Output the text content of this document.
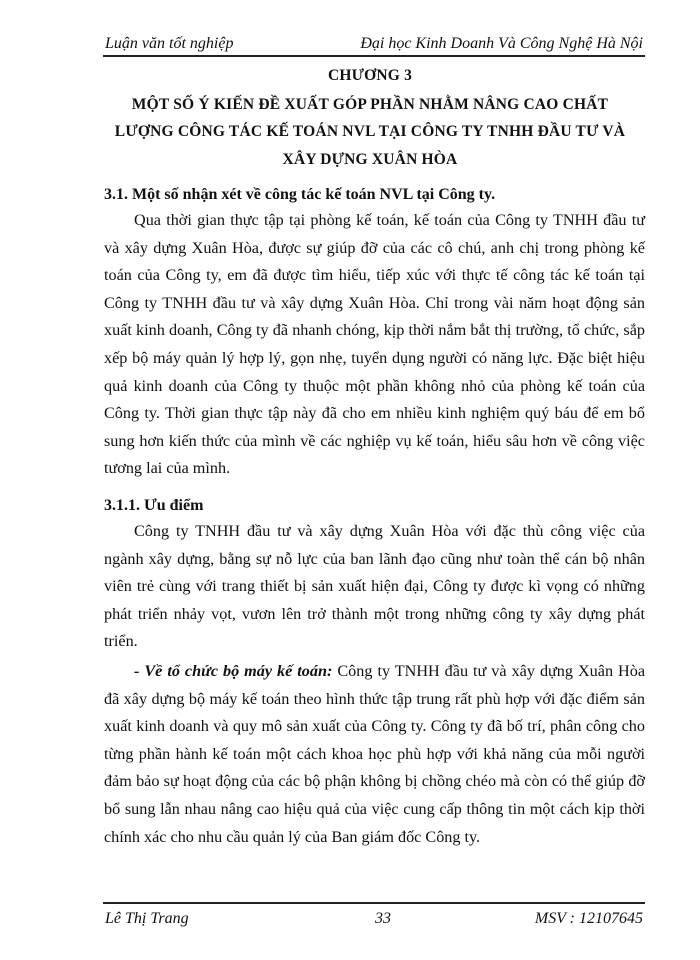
Luận văn tốt nghiệp	Đại học Kinh Doanh Và Công Nghệ Hà Nội
CHƯƠNG 3
MỘT SỐ Ý KIẾN ĐỀ XUẤT GÓP PHẦN NHẰM NÂNG CAO CHẤT
LƯỢNG CÔNG TÁC KẾ TOÁN NVL TẠI CÔNG TY TNHH ĐẦU TƯ VÀ
XÂY DỰNG XUÂN HÒA
3.1. Một số nhận xét về công tác kế toán NVL tại Công ty.

Qua thời gian thực tập tại phòng kế toán, kế toán của Công ty TNHH đầu tư và xây dựng Xuân Hòa, được sự giúp đỡ của các cô chú, anh chị trong phòng kế toán của Công ty, em đã được tìm hiểu, tiếp xúc với thực tế công tác kế toán tại Công ty TNHH đầu tư và xây dựng Xuân Hòa. Chỉ trong vài năm hoạt động sản xuất kinh doanh, Công ty đã nhanh chóng, kịp thời nắm bắt thị trường, tổ chức, sắp xếp bộ máy quản lý hợp lý, gọn nhẹ, tuyển dụng người có năng lực. Đặc biệt hiệu quả kinh doanh của Công ty thuộc một phần không nhỏ của phòng kế toán của Công ty. Thời gian thực tập này đã cho em nhiều kinh nghiệm quý báu để em bổ sung hơn kiến thức của mình về các nghiệp vụ kế toán, hiểu sâu hơn về công việc tương lai của mình.

3.1.1. Ưu điểm

Công ty TNHH đầu tư và xây dựng Xuân Hòa với đặc thù công việc của ngành xây dựng, bằng sự nỗ lực của ban lãnh đạo cũng như toàn thể cán bộ nhân viên trẻ cùng với trang thiết bị sản xuất hiện đại, Công ty được kì vọng có những phát triển nhảy vọt, vươn lên trở thành một trong những công ty xây dựng phát triển.

- Về tổ chức bộ máy kế toán: Công ty TNHH đầu tư và xây dựng Xuân Hòa đã xây dựng bộ máy kế toán theo hình thức tập trung rất phù hợp với đặc điểm sản xuất kinh doanh và quy mô sản xuất của Công ty. Công ty đã bố trí, phân công cho từng phần hành kế toán một cách khoa học phù hợp với khả năng của mỗi người đảm bảo sự hoạt động của các bộ phận không bị chồng chéo mà còn có thể giúp đỡ bổ sung lẫn nhau nâng cao hiệu quả của việc cung cấp thông tin một cách kịp thời chính xác cho nhu cầu quản lý của Ban giám đốc Công ty.

Lê Thị Trang	33	MSV : 12107645
